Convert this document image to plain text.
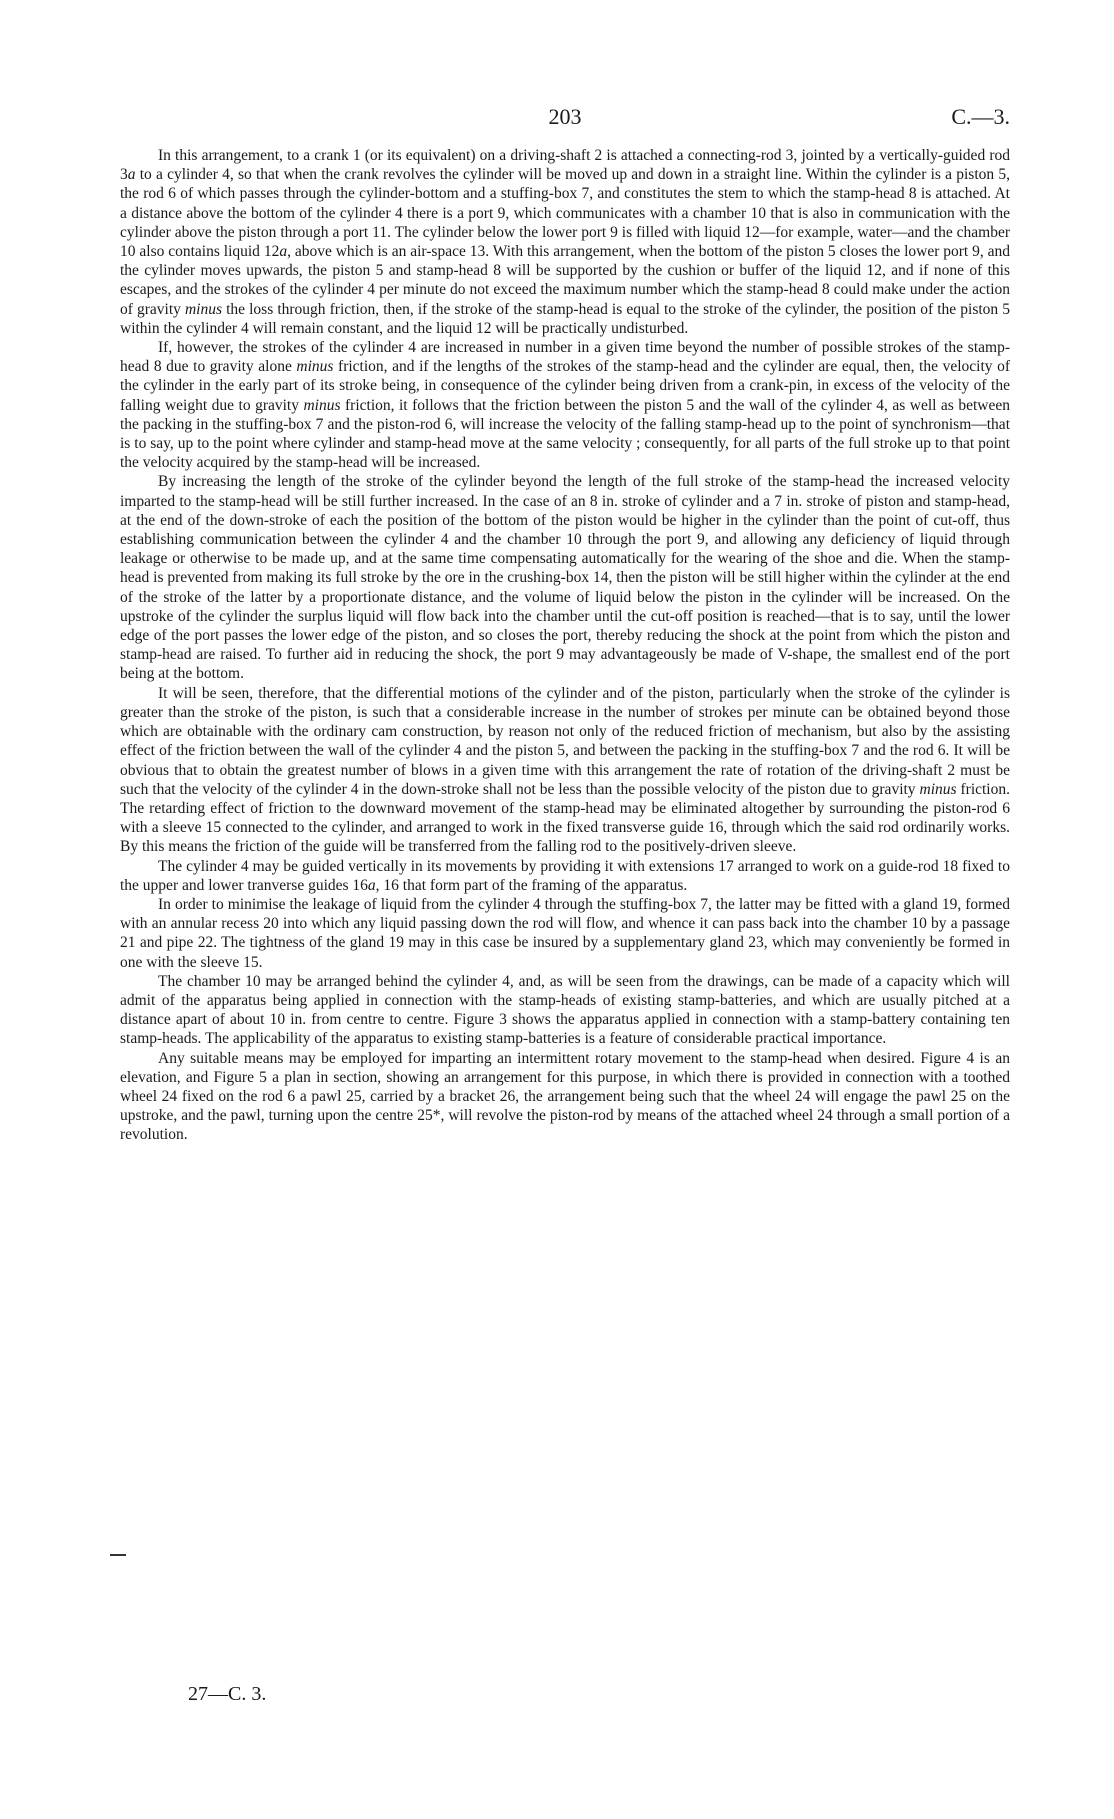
203	C.—3.

In this arrangement, to a crank 1 (or its equivalent) on a driving-shaft 2 is attached a connecting-rod 3, jointed by a vertically-guided rod 3a to a cylinder 4, so that when the crank revolves the cylinder will be moved up and down in a straight line. Within the cylinder is a piston 5, the rod 6 of which passes through the cylinder-bottom and a stuffing-box 7, and constitutes the stem to which the stamp-head 8 is attached. At a distance above the bottom of the cylinder 4 there is a port 9, which communicates with a chamber 10 that is also in communication with the cylinder above the piston through a port 11. The cylinder below the lower port 9 is filled with liquid 12—for example, water—and the chamber 10 also contains liquid 12a, above which is an air-space 13. With this arrangement, when the bottom of the piston 5 closes the lower port 9, and the cylinder moves upwards, the piston 5 and stamp-head 8 will be supported by the cushion or buffer of the liquid 12, and if none of this escapes, and the strokes of the cylinder 4 per minute do not exceed the maximum number which the stamp-head 8 could make under the action of gravity minus the loss through friction, then, if the stroke of the stamp-head is equal to the stroke of the cylinder, the position of the piston 5 within the cylinder 4 will remain constant, and the liquid 12 will be practically undisturbed.

If, however, the strokes of the cylinder 4 are increased in number in a given time beyond the number of possible strokes of the stamp-head 8 due to gravity alone minus friction, and if the lengths of the strokes of the stamp-head and the cylinder are equal, then, the velocity of the cylinder in the early part of its stroke being, in consequence of the cylinder being driven from a crank-pin, in excess of the velocity of the falling weight due to gravity minus friction, it follows that the friction between the piston 5 and the wall of the cylinder 4, as well as between the packing in the stuffing-box 7 and the piston-rod 6, will increase the velocity of the falling stamp-head up to the point of synchronism—that is to say, up to the point where cylinder and stamp-head move at the same velocity ; consequently, for all parts of the full stroke up to that point the velocity acquired by the stamp-head will be increased.

By increasing the length of the stroke of the cylinder beyond the length of the full stroke of the stamp-head the increased velocity imparted to the stamp-head will be still further increased. In the case of an 8 in. stroke of cylinder and a 7 in. stroke of piston and stamp-head, at the end of the down-stroke of each the position of the bottom of the piston would be higher in the cylinder than the point of cut-off, thus establishing communication between the cylinder 4 and the chamber 10 through the port 9, and allowing any deficiency of liquid through leakage or otherwise to be made up, and at the same time compensating automatically for the wearing of the shoe and die. When the stamp-head is prevented from making its full stroke by the ore in the crushing-box 14, then the piston will be still higher within the cylinder at the end of the stroke of the latter by a proportionate distance, and the volume of liquid below the piston in the cylinder will be increased. On the upstroke of the cylinder the surplus liquid will flow back into the chamber until the cut-off position is reached—that is to say, until the lower edge of the port passes the lower edge of the piston, and so closes the port, thereby reducing the shock at the point from which the piston and stamp-head are raised. To further aid in reducing the shock, the port 9 may advantageously be made of V-shape, the smallest end of the port being at the bottom.

It will be seen, therefore, that the differential motions of the cylinder and of the piston, particularly when the stroke of the cylinder is greater than the stroke of the piston, is such that a considerable increase in the number of strokes per minute can be obtained beyond those which are obtainable with the ordinary cam construction, by reason not only of the reduced friction of mechanism, but also by the assisting effect of the friction between the wall of the cylinder 4 and the piston 5, and between the packing in the stuffing-box 7 and the rod 6. It will be obvious that to obtain the greatest number of blows in a given time with this arrangement the rate of rotation of the driving-shaft 2 must be such that the velocity of the cylinder 4 in the down-stroke shall not be less than the possible velocity of the piston due to gravity minus friction. The retarding effect of friction to the downward movement of the stamp-head may be eliminated altogether by surrounding the piston-rod 6 with a sleeve 15 connected to the cylinder, and arranged to work in the fixed transverse guide 16, through which the said rod ordinarily works. By this means the friction of the guide will be transferred from the falling rod to the positively-driven sleeve.

The cylinder 4 may be guided vertically in its movements by providing it with extensions 17 arranged to work on a guide-rod 18 fixed to the upper and lower tranverse guides 16a, 16 that form part of the framing of the apparatus.

In order to minimise the leakage of liquid from the cylinder 4 through the stuffing-box 7, the latter may be fitted with a gland 19, formed with an annular recess 20 into which any liquid passing down the rod will flow, and whence it can pass back into the chamber 10 by a passage 21 and pipe 22. The tightness of the gland 19 may in this case be insured by a supplementary gland 23, which may conveniently be formed in one with the sleeve 15.

The chamber 10 may be arranged behind the cylinder 4, and, as will be seen from the drawings, can be made of a capacity which will admit of the apparatus being applied in connection with the stamp-heads of existing stamp-batteries, and which are usually pitched at a distance apart of about 10 in. from centre to centre. Figure 3 shows the apparatus applied in connection with a stamp-battery containing ten stamp-heads. The applicability of the apparatus to existing stamp-batteries is a feature of considerable practical importance.

Any suitable means may be employed for imparting an intermittent rotary movement to the stamp-head when desired. Figure 4 is an elevation, and Figure 5 a plan in section, showing an arrangement for this purpose, in which there is provided in connection with a toothed wheel 24 fixed on the rod 6 a pawl 25, carried by a bracket 26, the arrangement being such that the wheel 24 will engage the pawl 25 on the upstroke, and the pawl, turning upon the centre 25*, will revolve the piston-rod by means of the attached wheel 24 through a small portion of a revolution.

27—C. 3.
